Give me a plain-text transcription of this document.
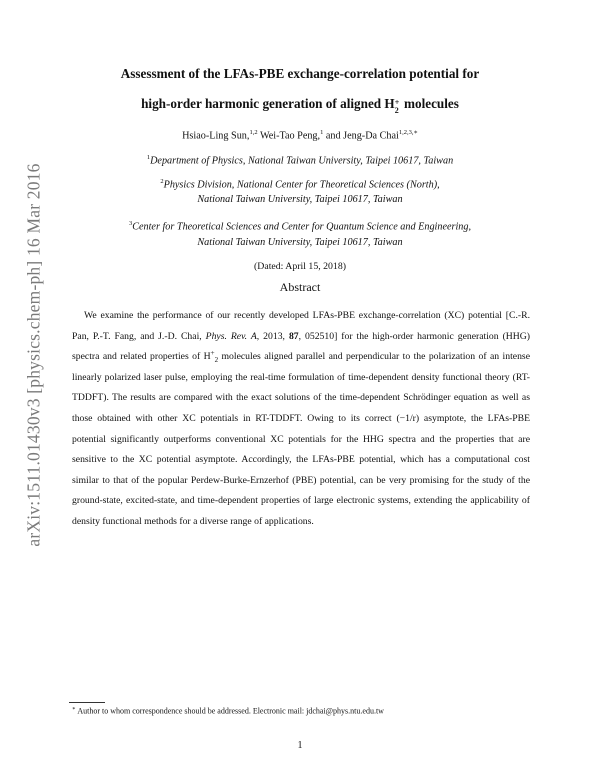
arXiv:1511.01430v3 [physics.chem-ph] 16 Mar 2016
Assessment of the LFAs-PBE exchange-correlation potential for
high-order harmonic generation of aligned H +
2 molecules
Hsiao-Ling Sun,$^{1,2}$ Wei-Tao Peng,$^1$ and Jeng-Da Chai$^{1,2,3,∗}$
$^1$Department of Physics, National Taiwan University, Taipei 10617, Taiwan
$^2$Physics Division, National Center for Theoretical Sciences (North),
National Taiwan University, Taipei 10617, Taiwan
$^3$Center for Theoretical Sciences and Center for Quantum Science and Engineering,
National Taiwan University, Taipei 10617, Taiwan
(Dated: April 15, 2018)
Abstract
We examine the performance of our recently developed LFAs-PBE exchange-correlation (XC) potential [C.-R. Pan, P.-T. Fang, and J.-D. Chai, Phys. Rev. A, 2013, 87, 052510] for the high-order harmonic generation (HHG) spectra and related properties of $H^+_2$ molecules aligned parallel and perpendicular to the polarization of an intense linearly polarized laser pulse, employing the real-time formulation of time-dependent density functional theory (RT-TDDFT). The results are compared with the exact solutions of the time-dependent Schrödinger equation as well as those obtained with other XC potentials in RT-TDDFT. Owing to its correct (−1/r) asymptote, the LFAs-PBE potential significantly outperforms conventional XC potentials for the HHG spectra and the properties that are sensitive to the XC potential asymptote. Accordingly, the LFAs-PBE potential, which has a computational cost similar to that of the popular Perdew-Burke-Ernzerhof (PBE) potential, can be very promising for the study of the ground-state, excited-state, and time-dependent properties of large electronic systems, extending the applicability of density functional methods for a diverse range of applications.
∗ Author to whom correspondence should be addressed. Electronic mail: jdchai@phys.ntu.edu.tw
1
